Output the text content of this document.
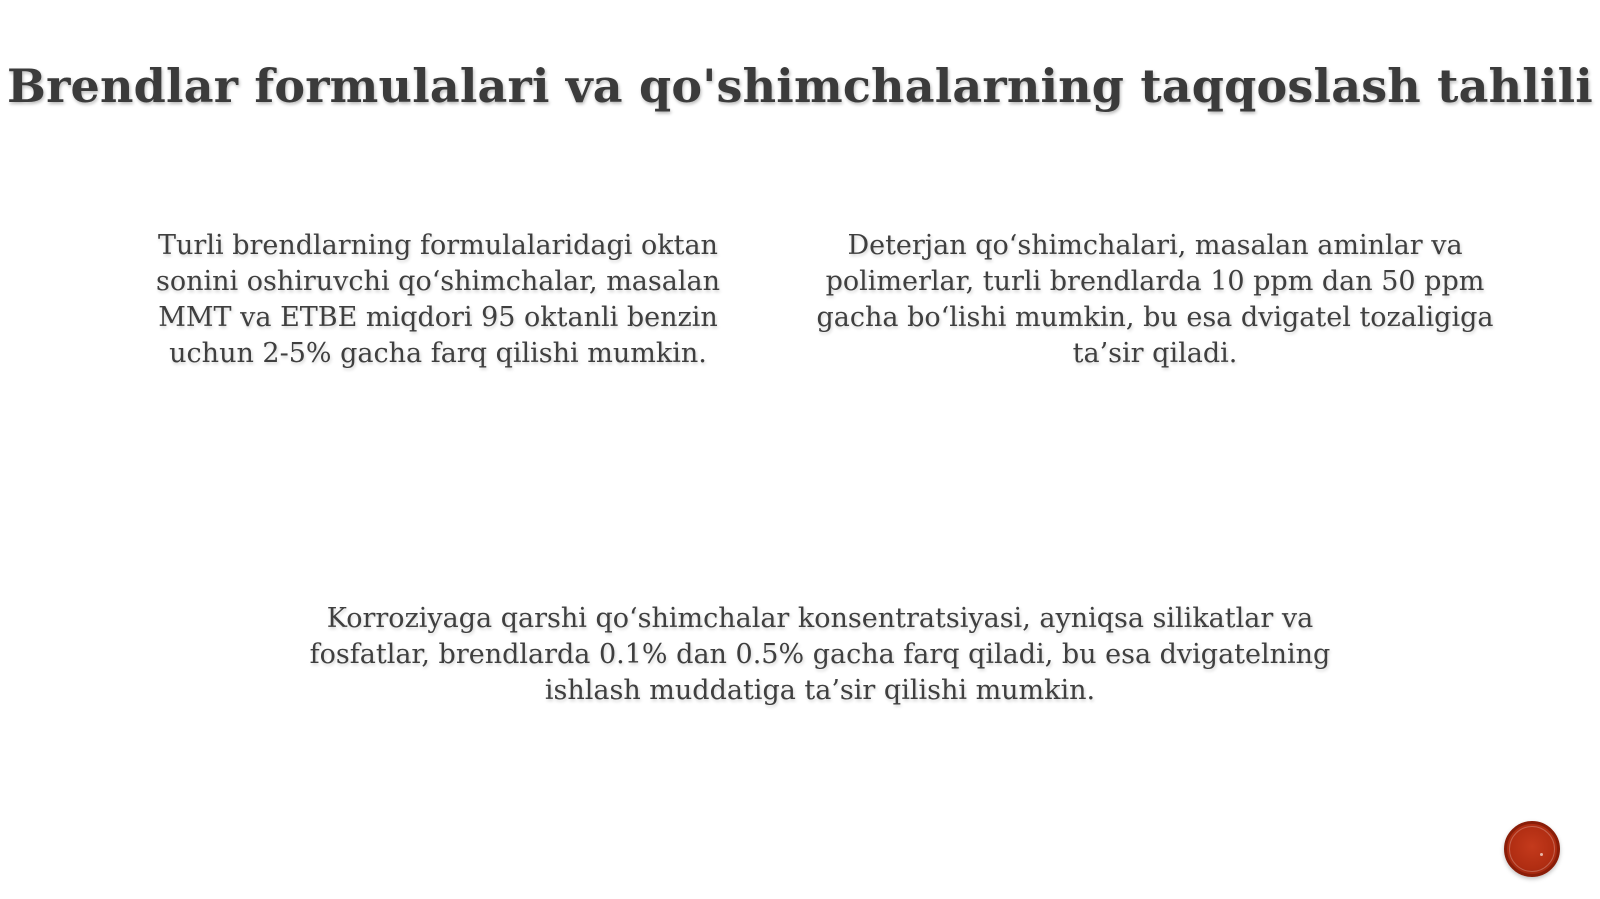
Brendlar formulalari va qo'shimchalarning taqqoslash tahlili
Turli brendlarning formulalaridagi oktan sonini oshiruvchi qo‘shimchalar, masalan MMT va ETBE miqdori 95 oktanli benzin uchun 2-5% gacha farq qilishi mumkin.
Deterjan qo‘shimchalari, masalan aminlar va polimerlar, turli brendlarda 10 ppm dan 50 ppm gacha bo‘lishi mumkin, bu esa dvigatel tozaligiga ta’sir qiladi.
Korroziyaga qarshi qo‘shimchalar konsentratsiyasi, ayniqsa silikatlar va fosfatlar, brendlarda 0.1% dan 0.5% gacha farq qiladi, bu esa dvigatelning ishlash muddatiga ta’sir qilishi mumkin.
